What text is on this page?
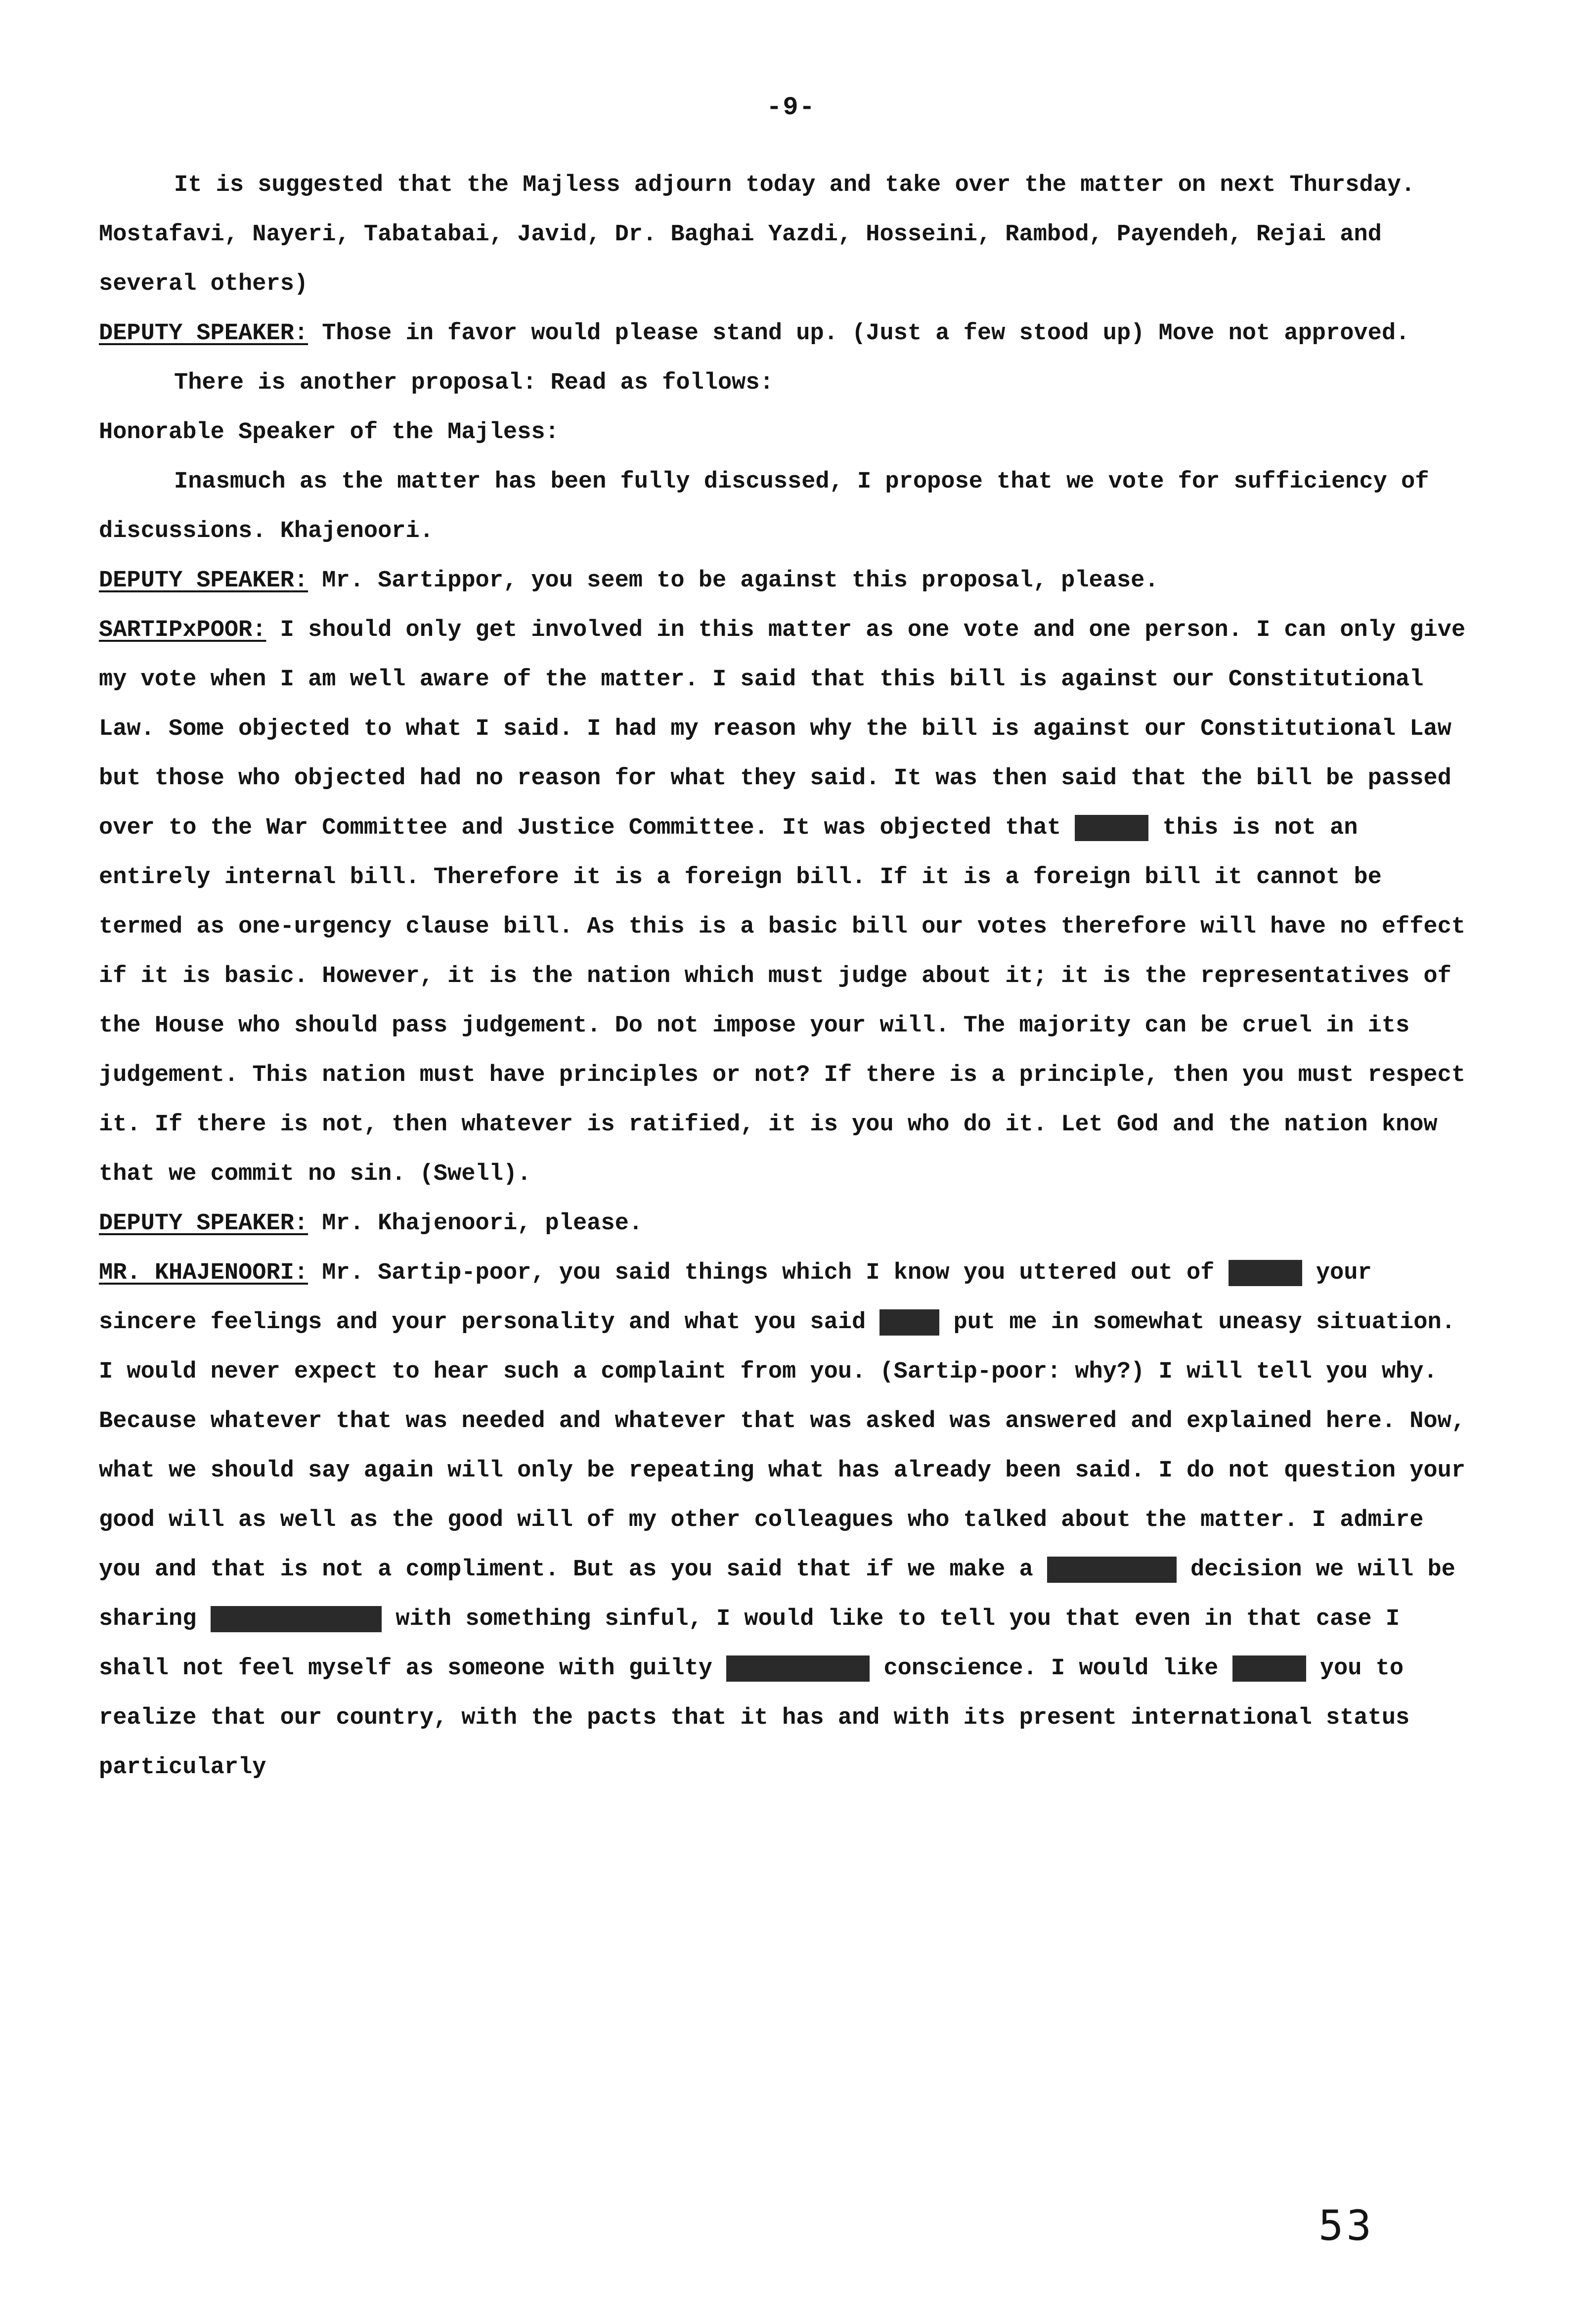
-9-

It is suggested that the Majless adjourn today and take over the matter on next Thursday. Mostafavi, Nayeri, Tabatabai, Javid, Dr. Baghai Yazdi, Hosseini, Rambod, Payendeh, Rejai and several others)

DEPUTY SPEAKER: Those in favor would please stand up. (Just a few stood up) Move not approved.

There is another proposal: Read as follows:

Honorable Speaker of the Majless:

Inasmuch as the matter has been fully discussed, I propose that we vote for sufficiency of discussions. Khajenoori.

DEPUTY SPEAKER: Mr. Sartippor, you seem to be against this proposal, please.

SARTIPxPOOR: I should only get involved in this matter as one vote and one person. I can only give my vote when I am well aware of the matter. I said that this bill is against our Constitutional Law. Some objected to what I said. I had my reason why the bill is against our Constitutional Law but those who objected had no reason for what they said. It was then said that the bill be passed over to the War Committee and Justice Committee. It was objected that xkxxx this is not an entirely internal bill. Therefore it is a foreign bill. If it is a foreign bill it cannot be termed as one-urgency clause bill. As this is a basic bill our votes therefore will have no effect if it is basic. However, it is the nation which must judge about it; it is the representatives of the House who should pass judgement. Do not impose your will. The majority can be cruel in its judgement. This nation must have principles or not? If there is a principle, then you must respect it. If there is not, then whatever is ratified, it is you who do it. Let God and the nation know that we commit no sin. (Swell).

DEPUTY SPEAKER: Mr. Khajenoori, please.

MR. KHAJENOORI: Mr. Sartip-poor, you said things which I know you uttered out of xkxxx your sincere feelings and your personality and what you said xxdx put me in somewhat uneasy situation. I would never expect to hear such a complaint from you. (Sartip-poor: why?) I will tell you why. Because whatever that was needed and whatever that was asked was answered and explained here. Now, what we should say again will only be repeating what has already been said. I do not question your good will as well as the good will of my other colleagues who talked about the matter. I admire you and that is not a compliment. But as you said that if we make a dxxxxfxxx decision we will be sharing inxthexxxtax with something sinful, I would like to tell you that even in that case I shall not feel myself as someone with guilty xxxxxxixxx conscience. I would like ixxxx you to realize that our country, with the pacts that it has and with its present international status particularly

53
